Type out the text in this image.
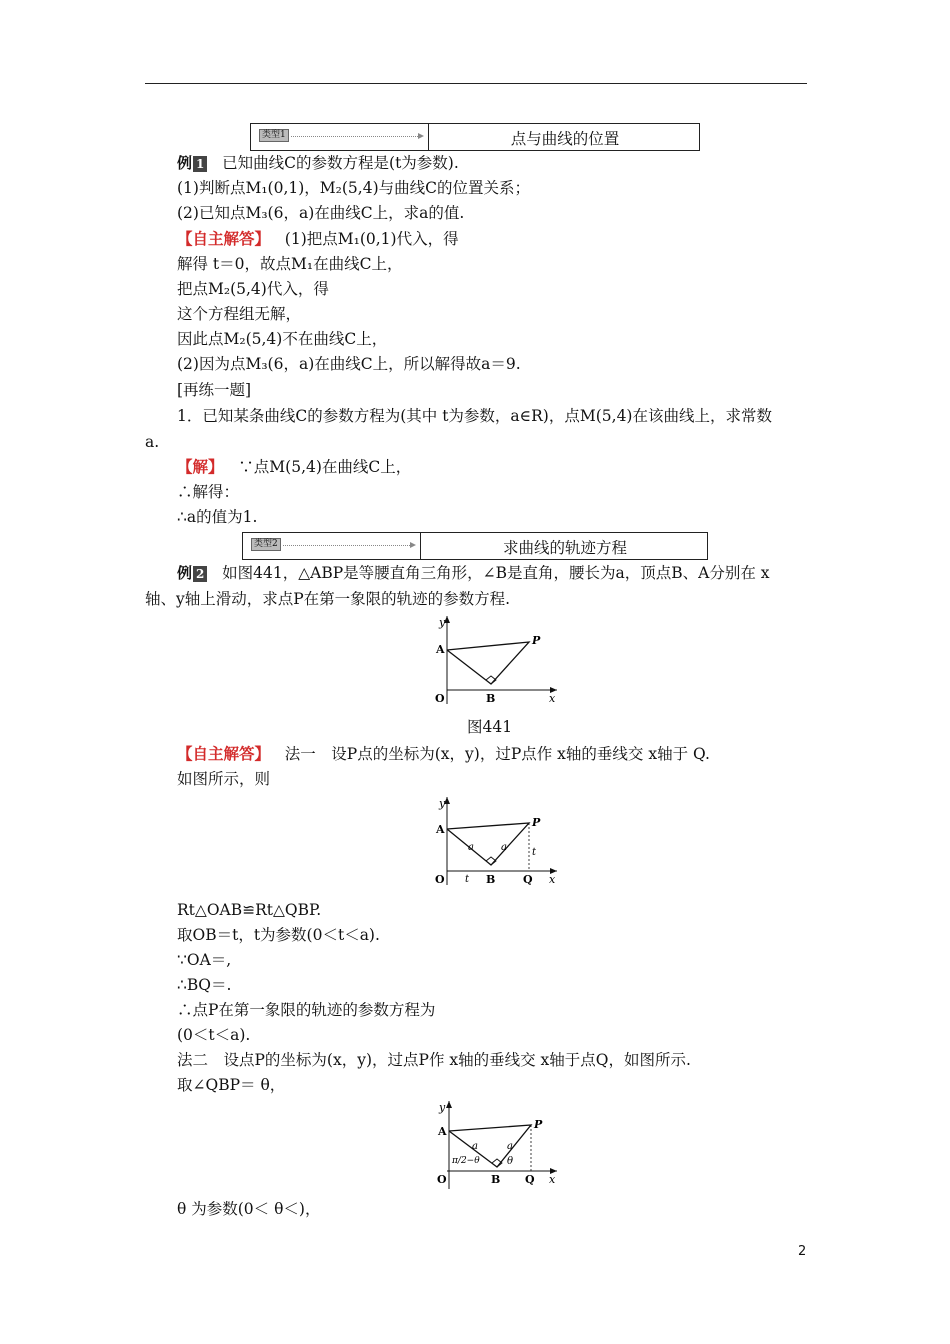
类型1	点与曲线的位置
例 1 已知曲线C的参数方程是(t为参数).
(1)判断点M₁(0,1)，M₂(5,4)与曲线C的位置关系；
(2)已知点M₃(6，a)在曲线C上，求a的值.
【自主解答】 (1)把点M₁(0,1)代入，得
解得 t＝0，故点M₁在曲线C上，
把点M₂(5,4)代入，得
这个方程组无解，
因此点M₂(5,4)不在曲线C上，
(2)因为点M₃(6，a)在曲线C上，所以解得故a＝9.
[再练一题]
1．已知某条曲线C的参数方程为(其中 t为参数，a∈R)，点M(5,4)在该曲线上，求常数
a.
【解】 ∵点M(5,4)在曲线C上，
∴解得：
∴a的值为1.
类型2	求曲线的轨迹方程
例 2 如图441，△ABP是等腰直角三角形，∠B是直角，腰长为a，顶点B、A分别在 x
轴、y轴上滑动，求点P在第一象限的轨迹的参数方程.
y
A
O	B
P
x
图441
【自主解答】 法一　设P点的坐标为(x，y)，过P点作 x轴的垂线交 x轴于 Q.
如图所示，则
y
A
O	B	Q
P
x
a	a
t
t
Rt△OAB≌Rt△QBP.
取OB＝t，t为参数(0＜t＜a).
∵OA＝,
∴BQ＝.
∴点P在第一象限的轨迹的参数方程为
(0＜t＜a).
法二　设点P的坐标为(x，y)，过点P作 x轴的垂线交 x轴于点Q，如图所示.
取∠QBP＝ θ，
y
A
O	B Q
P
x
a	a
π/2−θ	θ
θ 为参数(0＜ θ＜)，
2
